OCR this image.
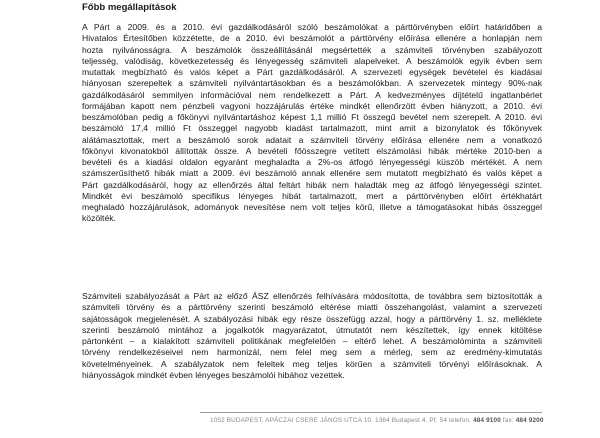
Főbb megállapítások
A Párt a 2009. és a 2010. évi gazdálkodásáról szóló beszámolókat a párttörvényben előírt határidőben a
Hivatalos Értesítőben közzétette, de a 2010. évi beszámolót a párttörvény előírása ellenére a honlapján nem
hozta nyilvánosságra. A beszámolók összeállításánál megsértették a számviteli törvényben szabályozott
teljesség, valódiság, következetesség és lényegesség számviteli alapelveket. A beszámolók egyik évben sem
mutattak megbízható és valós képet a Párt gazdálkodásáról. A szervezeti egységek bevételei és kiadásai
hiányosan szerepeltek a számviteli nyilvántartásokban és a beszámolókban. A szervezetek mintegy 90%-nak
gazdálkodásáról semmilyen információval nem rendelkezett a Párt. A kedvezményes díjtételű ingatlanbérlet
formájában kapott nem pénzbeli vagyoni hozzájárulás értéke mindkét ellenőrzött évben hiányzott, a 2010. évi
beszámolóban pedig a főkönyvi nyilvántartáshoz képest 1,1 millió Ft összegű bevétel nem szerepelt. A 2010. évi
beszámoló 17,4 millió Ft összeggel nagyobb kiadást tartalmazott, mint amit a bizonylatok és főkönyvek
alátámasztottak, mert a beszámoló sorok adatait a számviteli törvény előírása ellenére nem a vonatkozó
főkönyvi kivonatokból állították össze. A bevételi főösszegre vetített elszámolási hibák mértéke 2010-ben a
bevételi és a kiadási oldalon egyaránt meghaladta a 2%-os átfogó lényegességi küszöb mértékét. A nem
számszerűsíthető hibák miatt a 2009. évi beszámoló annak ellenére sem mutatott megbízható és valós képet a
Párt gazdálkodásáról, hogy az ellenőrzés által feltárt hibák nem haladták meg az átfogó lényegességi szintet.
Mindkét évi beszámoló specifikus lényeges hibát tartalmazott, mert a párttörvényben előírt értékhatárt
meghaladó hozzájárulások, adományok nevesítése nem volt teljes körű, illetve a támogatásokat hibás összeggel
közölték.
Számviteli szabályozását a Párt az előző ÁSZ ellenőrzés felhívására módosította, de továbbra sem biztosították a
számviteli törvény és a párttörvény szerinti beszámoló eltérése miatti összehangolást, valamint a szervezeti
sajátosságok megjelenését. A szabályozási hibák egy része összefügg azzal, hogy a párttörvény 1. sz. melléklete
szerinti beszámoló mintához a jogalkotók magyarázatot, útmutatót nem készítettek, így ennek kitöltése
pártonként – a kialakított számviteli politikának megfelelően – eltérő lehet. A beszámolóminta a számviteli
törvény rendelkezéseivel nem harmonizál, nem felel meg sem a mérleg, sem az eredmény-kimutatás
követelményeinek. A szabályzatok nem feleltek meg teljes körűen a számviteli törvényi előírásoknak. A
hiányosságok mindkét évben lényeges beszámolói hibához vezettek.
1052 BUDAPEST, APÁCZAI CSERE JÁNOS UTCA 10. 1364 Budapest 4. Pf. 54 telefon: 484 9100 fax: 484 9200
